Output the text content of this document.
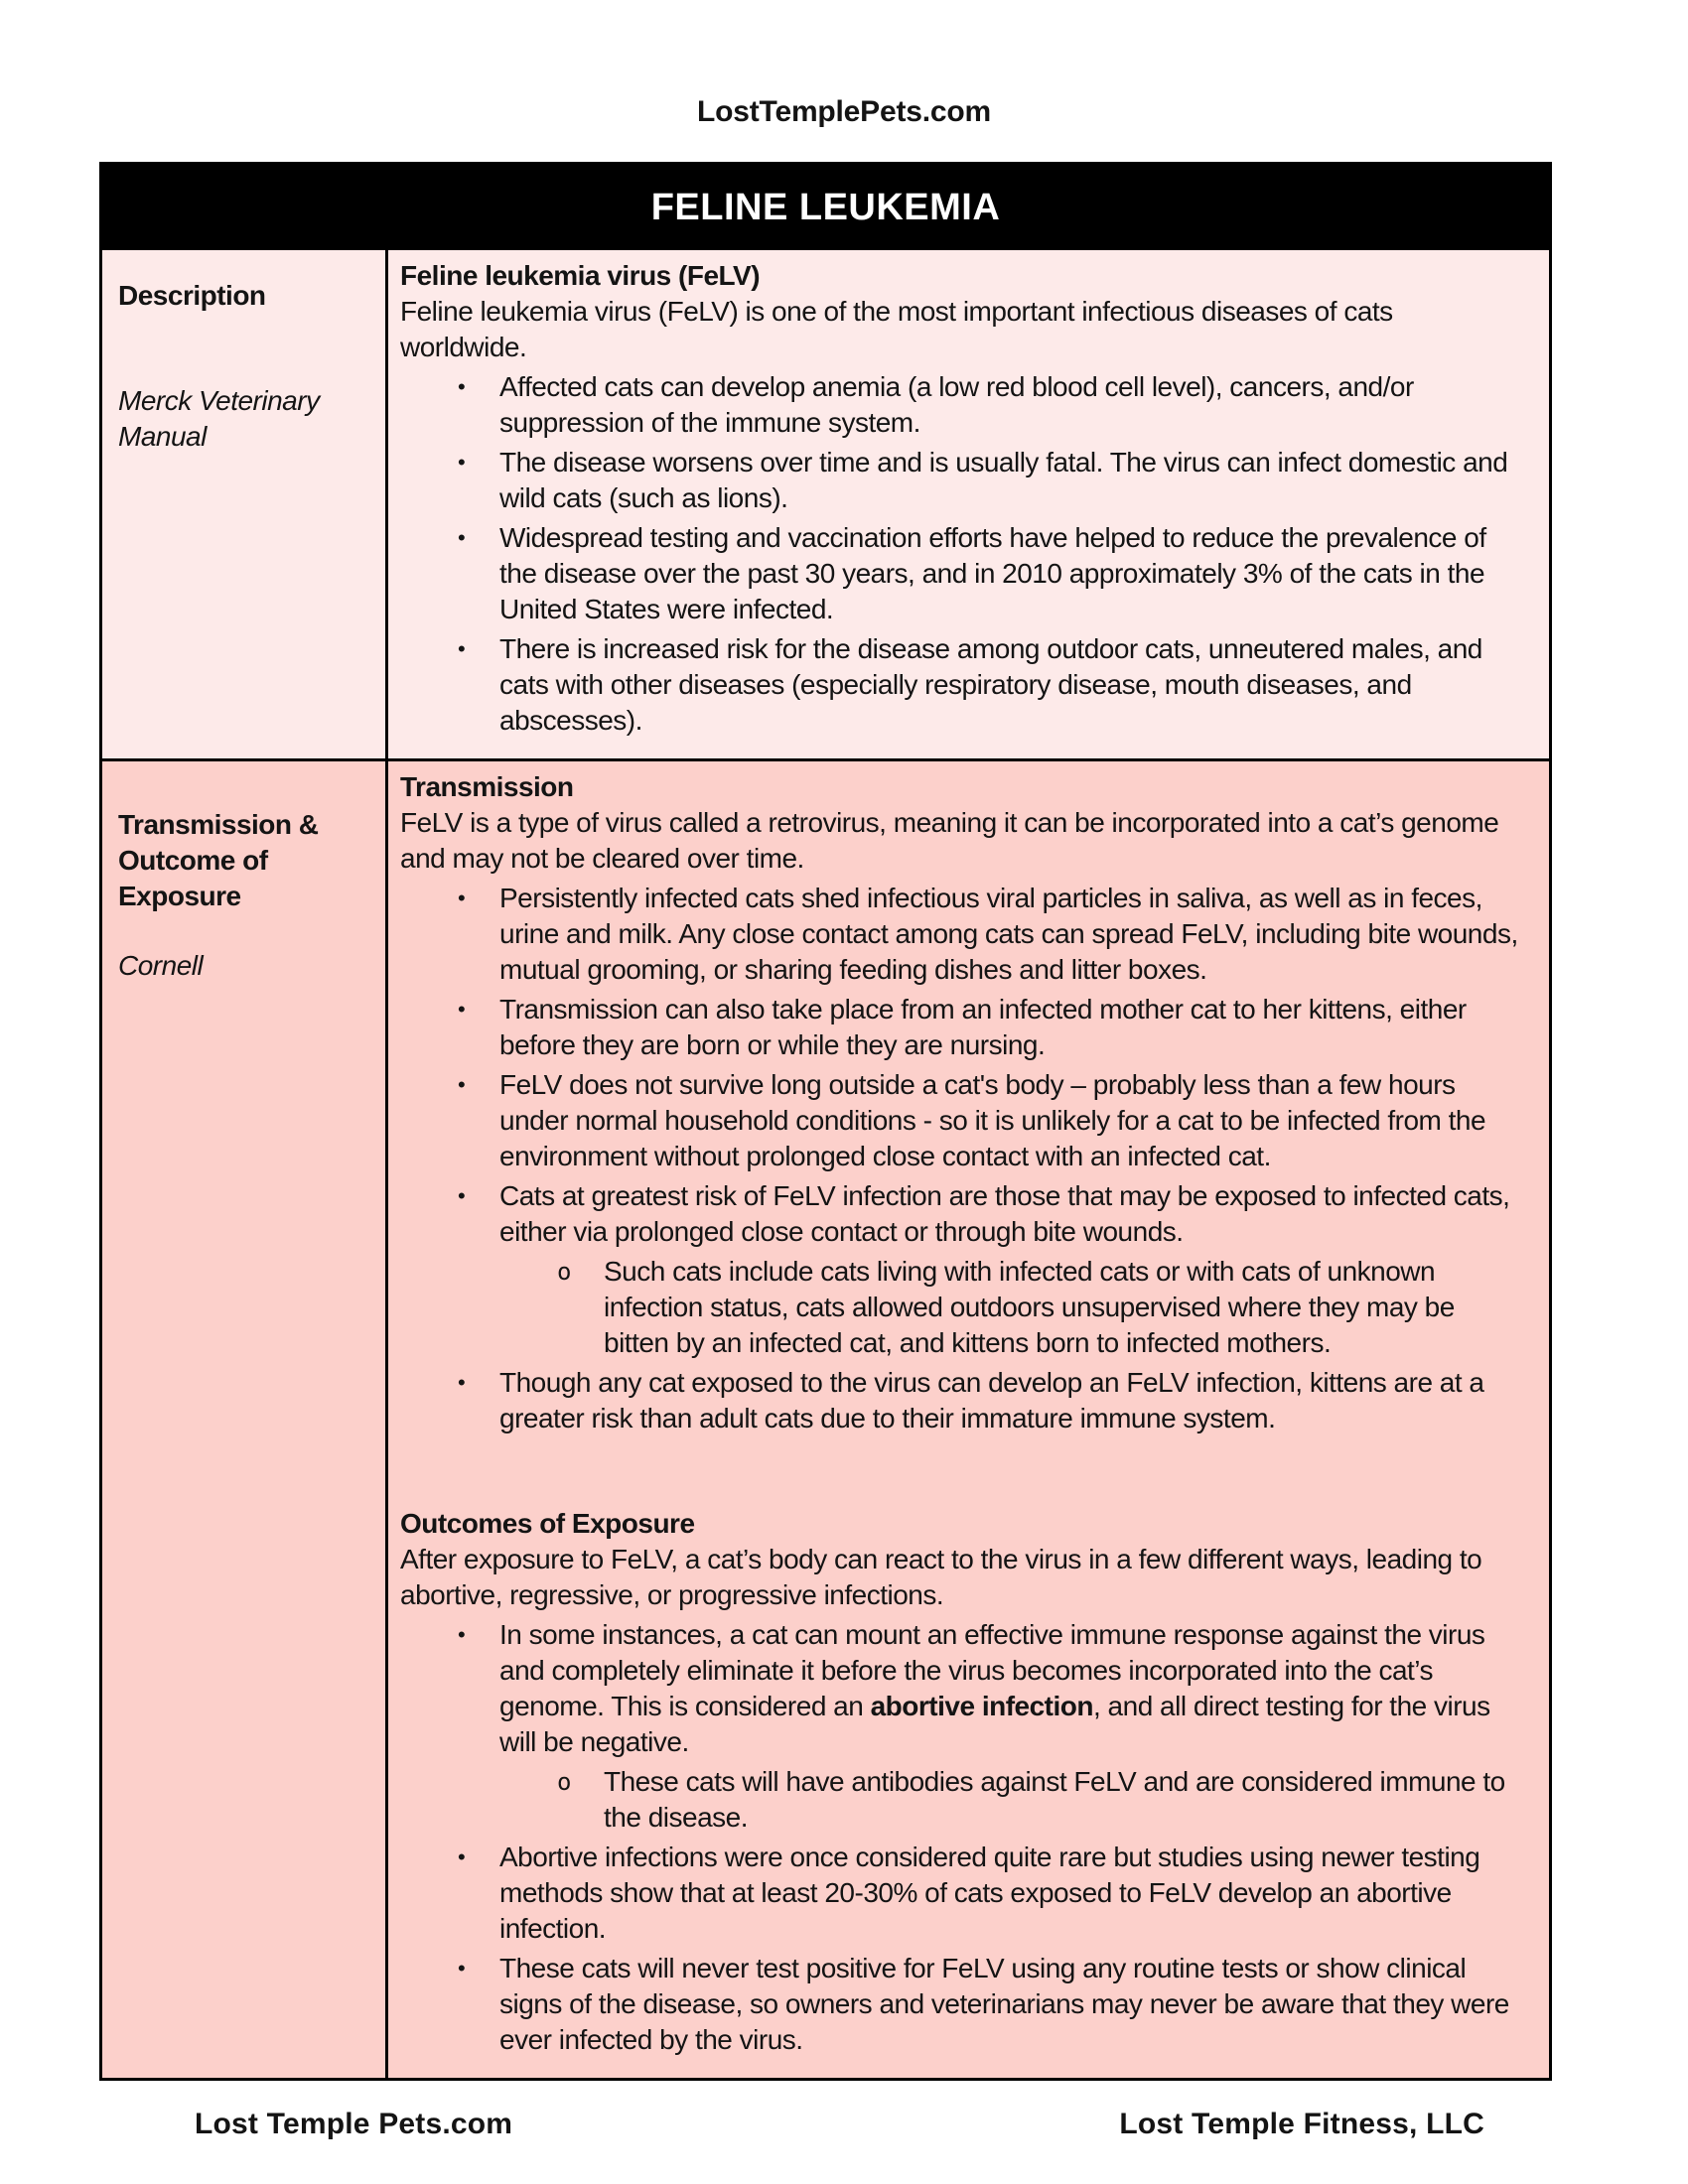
LostTemplePets.com
FELINE LEUKEMIA
Description
Merck Veterinary Manual
Feline leukemia virus (FeLV)
Feline leukemia virus (FeLV) is one of the most important infectious diseases of cats worldwide.
• Affected cats can develop anemia (a low red blood cell level), cancers, and/or suppression of the immune system.
• The disease worsens over time and is usually fatal. The virus can infect domestic and wild cats (such as lions).
• Widespread testing and vaccination efforts have helped to reduce the prevalence of the disease over the past 30 years, and in 2010 approximately 3% of the cats in the United States were infected.
• There is increased risk for the disease among outdoor cats, unneutered males, and cats with other diseases (especially respiratory disease, mouth diseases, and abscesses).
Transmission & Outcome of Exposure
Cornell
Transmission
FeLV is a type of virus called a retrovirus, meaning it can be incorporated into a cat’s genome and may not be cleared over time.
• Persistently infected cats shed infectious viral particles in saliva, as well as in feces, urine and milk. Any close contact among cats can spread FeLV, including bite wounds, mutual grooming, or sharing feeding dishes and litter boxes.
• Transmission can also take place from an infected mother cat to her kittens, either before they are born or while they are nursing.
• FeLV does not survive long outside a cat's body – probably less than a few hours under normal household conditions - so it is unlikely for a cat to be infected from the environment without prolonged close contact with an infected cat.
• Cats at greatest risk of FeLV infection are those that may be exposed to infected cats, either via prolonged close contact or through bite wounds.
o Such cats include cats living with infected cats or with cats of unknown infection status, cats allowed outdoors unsupervised where they may be bitten by an infected cat, and kittens born to infected mothers.
• Though any cat exposed to the virus can develop an FeLV infection, kittens are at a greater risk than adult cats due to their immature immune system.
Outcomes of Exposure
After exposure to FeLV, a cat’s body can react to the virus in a few different ways, leading to abortive, regressive, or progressive infections.
• In some instances, a cat can mount an effective immune response against the virus and completely eliminate it before the virus becomes incorporated into the cat’s genome. This is considered an abortive infection, and all direct testing for the virus will be negative.
o These cats will have antibodies against FeLV and are considered immune to the disease.
• Abortive infections were once considered quite rare but studies using newer testing methods show that at least 20-30% of cats exposed to FeLV develop an abortive infection.
• These cats will never test positive for FeLV using any routine tests or show clinical signs of the disease, so owners and veterinarians may never be aware that they were ever infected by the virus.
Lost Temple Pets.com	Lost Temple Fitness, LLC
